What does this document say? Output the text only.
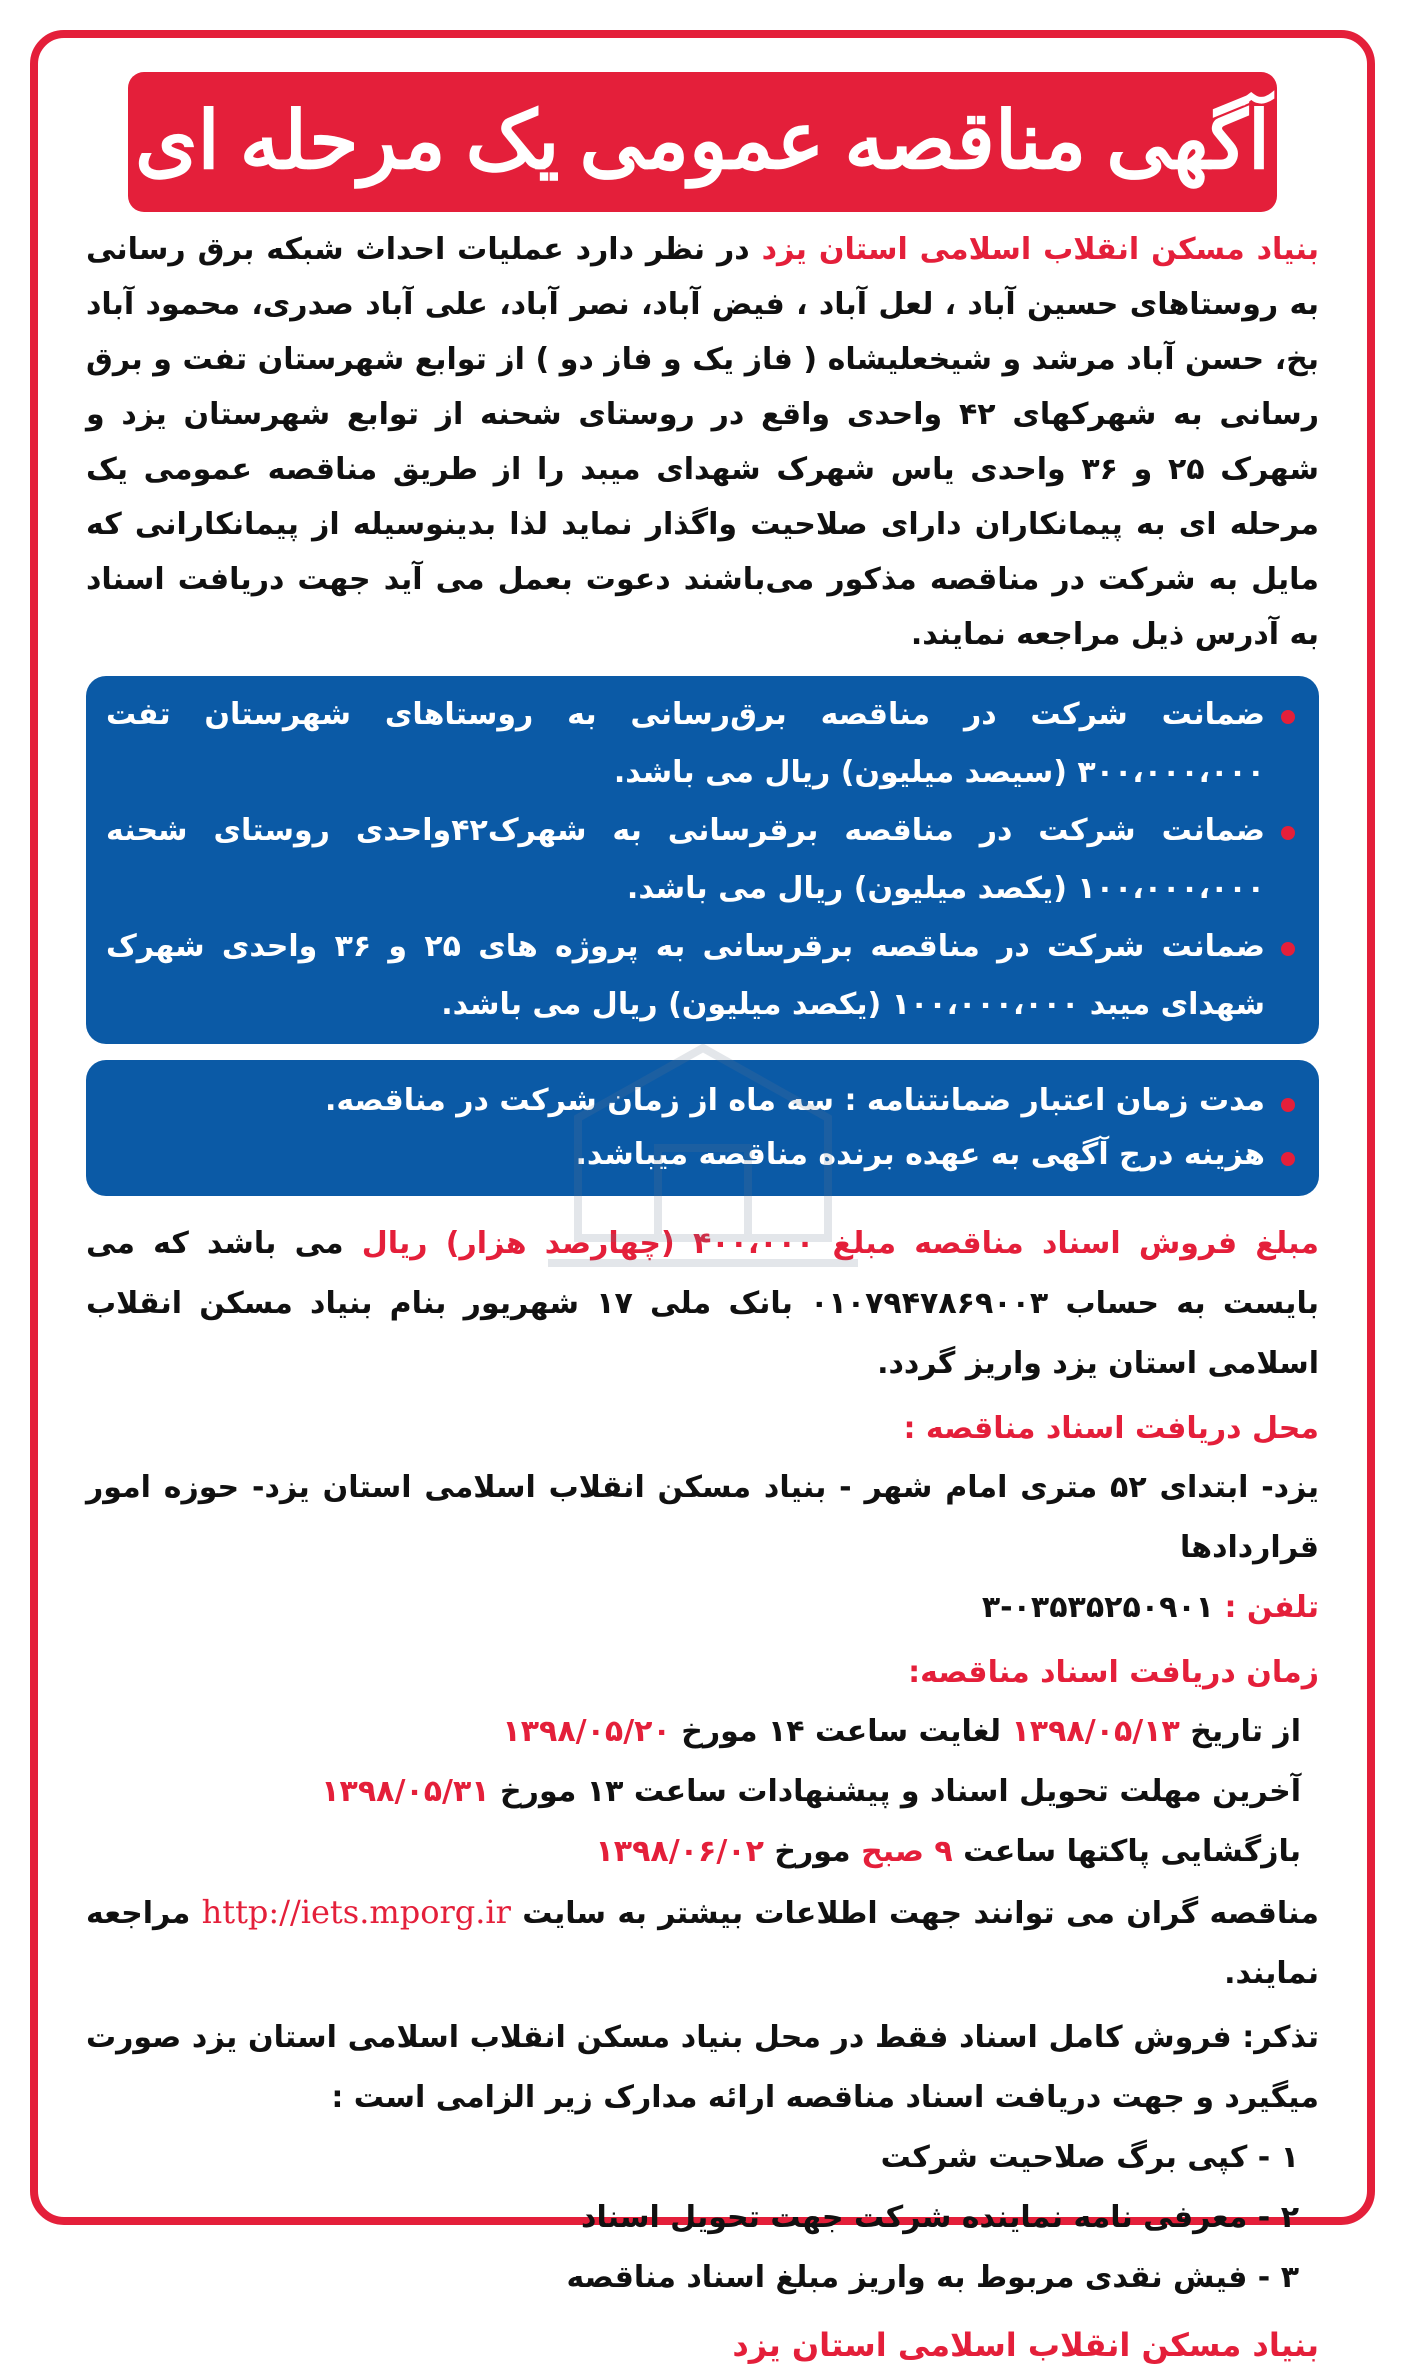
آگهی مناقصه عمومی یک مرحله ای
بنیاد مسکن انقلاب اسلامی استان یزد در نظر دارد عملیات احداث شبکه برق رسانی به روستاهای حسین آباد ، لعل آباد ، فیض آباد، نصر آباد، علی آباد صدری، محمود آباد بخ، حسن آباد مرشد و شیخعلیشاه ( فاز یک و فاز دو ) از توابع شهرستان تفت و برق رسانی به شهرکهای ۴۲ واحدی واقع در روستای شحنه از توابع شهرستان یزد و شهرک ۲۵ و ۳۶ واحدی یاس شهرک شهدای میبد را از طریق مناقصه عمومی یک مرحله ای به پیمانکاران دارای صلاحیت واگذار نماید لذا بدینوسیله از پیمانکارانی که مایل به شرکت در مناقصه مذکور می‌باشند دعوت بعمل می آید جهت دریافت اسناد به آدرس ذیل مراجعه نمایند.
ضمانت شرکت در مناقصه برق‌رسانی به روستاهای شهرستان تفت ۳۰۰،۰۰۰،۰۰۰ (سیصد میلیون) ریال می باشد.
ضمانت شرکت در مناقصه برقرسانی به شهرک۴۲واحدی روستای شحنه ۱۰۰،۰۰۰،۰۰۰ (یکصد میلیون) ریال می باشد.
ضمانت شرکت در مناقصه برقرسانی به پروژه های ۲۵ و ۳۶ واحدی شهرک شهدای میبد ۱۰۰،۰۰۰،۰۰۰ (یکصد میلیون) ریال می باشد.
مدت زمان اعتبار ضمانتنامه : سه ماه از زمان شرکت در مناقصه.
هزینه درج آگهی به عهده برنده مناقصه میباشد.
مبلغ فروش اسناد مناقصه مبلغ ۴۰۰،۰۰۰ (چهارصد هزار) ریال می باشد که می بایست به حساب ۰۱۰۷۹۴۷۸۶۹۰۰۳ بانک ملی ۱۷ شهریور بنام بنیاد مسکن انقلاب اسلامی استان یزد واریز گردد.
محل دریافت اسناد مناقصه :
یزد- ابتدای ۵۲ متری امام شهر - بنیاد مسکن انقلاب اسلامی استان یزد- حوزه امور قراردادها
تلفن : ۰۳۵۳۵۲۵۰۹۰۱-۳
زمان دریافت اسناد مناقصه:
از تاریخ ۱۳۹۸/۰۵/۱۳ لغایت ساعت ۱۴ مورخ ۱۳۹۸/۰۵/۲۰
آخرین مهلت تحویل اسناد و پیشنهادات ساعت ۱۳ مورخ ۱۳۹۸/۰۵/۳۱
بازگشایی پاکتها ساعت ۹ صبح مورخ ۱۳۹۸/۰۶/۰۲
مناقصه گران می توانند جهت اطلاعات بیشتر به سایت http://iets.mporg.ir مراجعه نمایند.
تذکر: فروش کامل اسناد فقط در محل بنیاد مسکن انقلاب اسلامی استان یزد صورت میگیرد و جهت دریافت اسناد مناقصه ارائه مدارک زیر الزامی است :
۱ - کپی برگ صلاحیت شرکت
۲ - معرفی نامه نماینده شرکت جهت تحویل اسناد
۳ - فیش نقدی مربوط به واریز مبلغ اسناد مناقصه
بنیاد مسکن انقلاب اسلامی استان یزد
